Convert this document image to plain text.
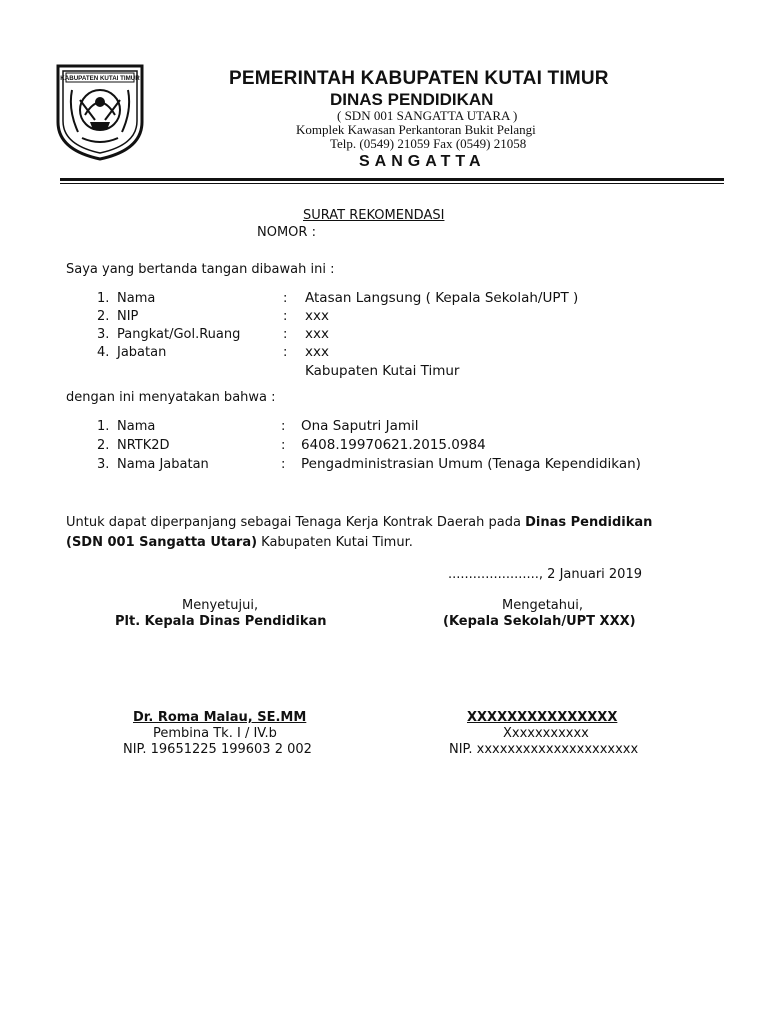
KABUPATEN KUTAI TIMUR	PEMERINTAH KABUPATEN KUTAI TIMUR
DINAS PENDIDIKAN
( SDN 001 SANGATTA UTARA )
Komplek Kawasan Perkantoran Bukit Pelangi
Telp. (0549) 21059 Fax (0549) 21058
SANGATTA
SURAT REKOMENDASI
NOMOR :
Saya yang bertanda tangan dibawah ini :
1. Nama	: Atasan Langsung ( Kepala Sekolah/UPT )
2. NIP	: xxx
3. Pangkat/Gol.Ruang	: xxx
4. Jabatan	: xxx
Kabupaten Kutai Timur
dengan ini menyatakan bahwa :
1. Nama	: Ona Saputri Jamil
2. NRTK2D	: 6408.19970621.2015.0984
3. Nama Jabatan	: Pengadministrasian Umum (Tenaga Kependidikan)
Untuk dapat diperpanjang sebagai Tenaga Kerja Kontrak Daerah pada Dinas Pendidikan
(SDN 001 Sangatta Utara) Kabupaten Kutai Timur.
......................, 2 Januari 2019
Menyetujui,
Plt. Kepala Dinas Pendidikan
Dr. Roma Malau, SE.MM
Pembina Tk. I / IV.b
NIP. 19651225 199603 2 002
Mengetahui,
(Kepala Sekolah/UPT XXX)
XXXXXXXXXXXXXXX
Xxxxxxxxxxx
NIP. xxxxxxxxxxxxxxxxxxxxx
